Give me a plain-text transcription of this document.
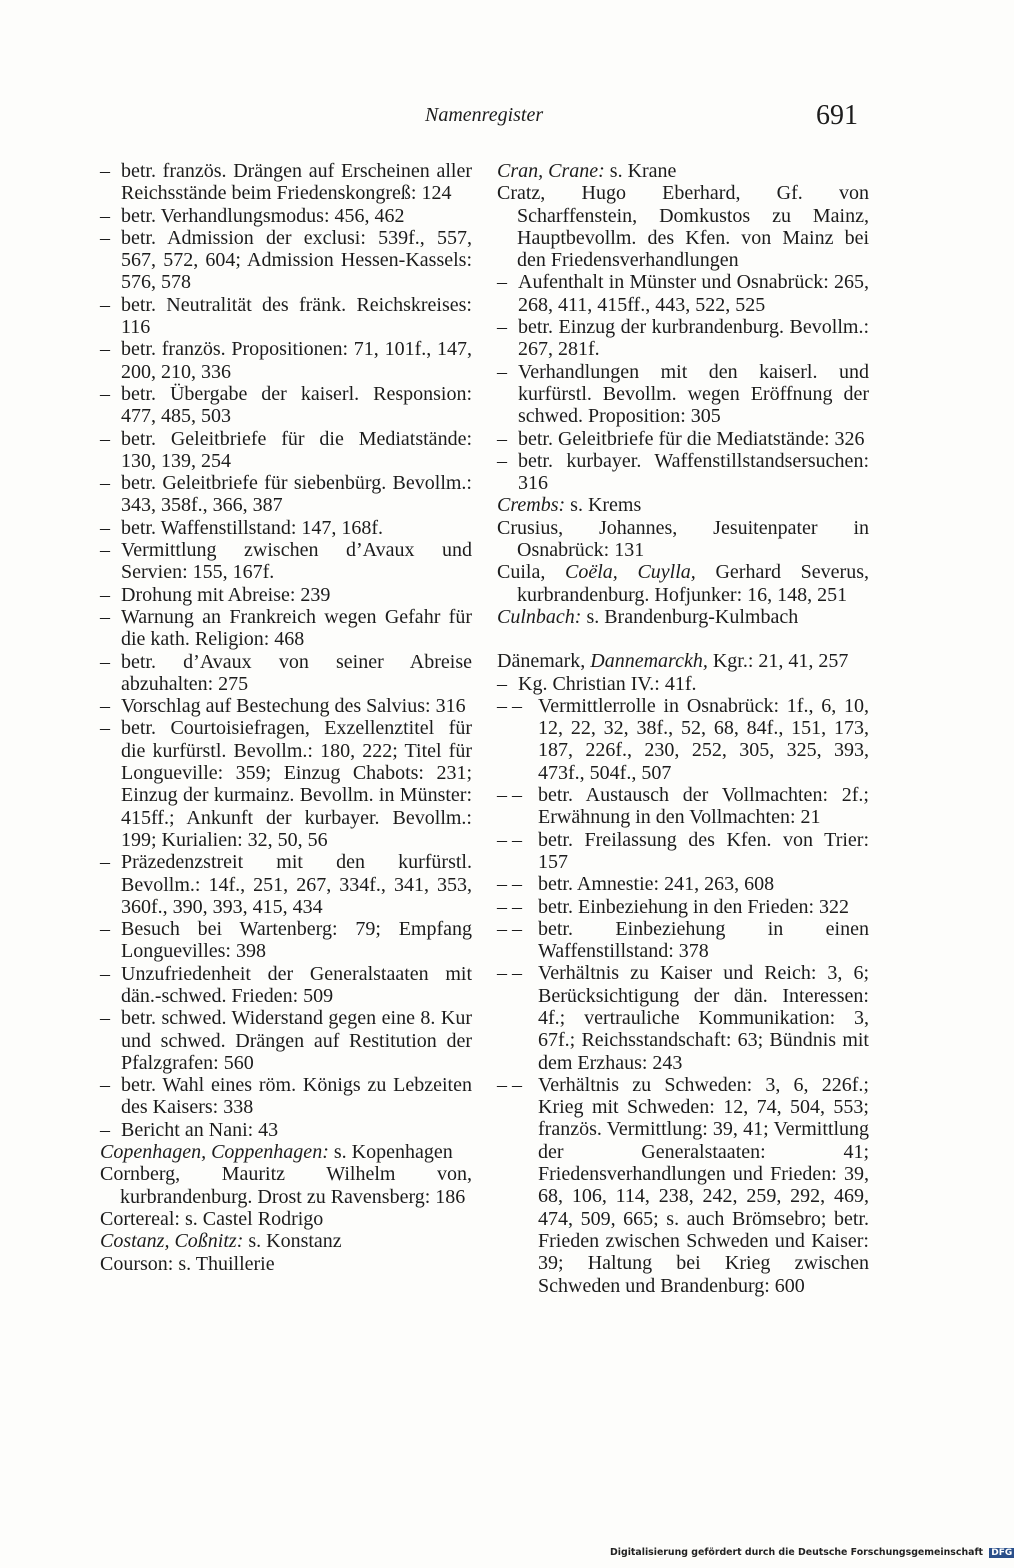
Namenregister	691

– betr. französ. Drängen auf Erscheinen aller Reichsstände beim Friedenskongreß: 124

– betr. Verhandlungsmodus: 456, 462

– betr. Admission der exclusi: 539f., 557, 567, 572, 604; Admission Hessen-Kassels: 576, 578

– betr. Neutralität des fränk. Reichskreises: 116

– betr. französ. Propositionen: 71, 101f., 147, 200, 210, 336

– betr. Übergabe der kaiserl. Responsion: 477, 485, 503

– betr. Geleitbriefe für die Mediatstände: 130, 139, 254

– betr. Geleitbriefe für siebenbürg. Bevollm.: 343, 358f., 366, 387

– betr. Waffenstillstand: 147, 168f.

– Vermittlung zwischen d’Avaux und Servien: 155, 167f.

– Drohung mit Abreise: 239

– Warnung an Frankreich wegen Gefahr für die kath. Religion: 468

– betr. d’Avaux von seiner Abreise abzuhalten: 275

– Vorschlag auf Bestechung des Salvius: 316

– betr. Courtoisiefragen, Exzellenztitel für die kurfürstl. Bevollm.: 180, 222; Titel für Longueville: 359; Einzug Chabots: 231; Einzug der kurmainz. Bevollm. in Münster: 415ff.; Ankunft der kurbayer. Bevollm.: 199; Kurialien: 32, 50, 56

– Präzedenzstreit mit den kurfürstl. Bevollm.: 14f., 251, 267, 334f., 341, 353, 360f., 390, 393, 415, 434

– Besuch bei Wartenberg: 79; Empfang Longuevilles: 398

– Unzufriedenheit der Generalstaaten mit dän.-schwed. Frieden: 509

– betr. schwed. Widerstand gegen eine 8. Kur und schwed. Drängen auf Restitution der Pfalzgrafen: 560

– betr. Wahl eines röm. Königs zu Lebzeiten des Kaisers: 338

– Bericht an Nani: 43

Copenhagen, Coppenhagen: s. Kopenhagen

Cornberg, Mauritz Wilhelm von, kurbrandenburg. Drost zu Ravensberg: 186

Cortereal: s. Castel Rodrigo

Costanz, Coßnitz: s. Konstanz

Courson: s. Thuillerie

Cran, Crane: s. Krane

Cratz, Hugo Eberhard, Gf. von Scharffenstein, Domkustos zu Mainz, Hauptbevollm. des Kfen. von Mainz bei den Friedensverhandlungen

– Aufenthalt in Münster und Osnabrück: 265, 268, 411, 415ff., 443, 522, 525

– betr. Einzug der kurbrandenburg. Bevollm.: 267, 281f.

– Verhandlungen mit den kaiserl. und kurfürstl. Bevollm. wegen Eröffnung der schwed. Proposition: 305

– betr. Geleitbriefe für die Mediatstände: 326

– betr. kurbayer. Waffenstillstandsersuchen: 316

Crembs: s. Krems

Crusius, Johannes, Jesuitenpater in Osnabrück: 131

Cuila, Coëla, Cuylla, Gerhard Severus, kurbrandenburg. Hofjunker: 16, 148, 251

Culnbach: s. Brandenburg-Kulmbach

Dänemark, Dannemarckh, Kgr.: 21, 41, 257

– Kg. Christian IV.: 41f.

– – Vermittlerrolle in Osnabrück: 1f., 6, 10, 12, 22, 32, 38f., 52, 68, 84f., 151, 173, 187, 226f., 230, 252, 305, 325, 393, 473f., 504f., 507

– – betr. Austausch der Vollmachten: 2f.; Erwähnung in den Vollmachten: 21

– – betr. Freilassung des Kfen. von Trier: 157

– – betr. Amnestie: 241, 263, 608

– – betr. Einbeziehung in den Frieden: 322

– – betr. Einbeziehung in einen Waffenstillstand: 378

– – Verhältnis zu Kaiser und Reich: 3, 6; Berücksichtigung der dän. Interessen: 4f.; vertrauliche Kommunikation: 3, 67f.; Reichsstandschaft: 63; Bündnis mit dem Erzhaus: 243

– – Verhältnis zu Schweden: 3, 6, 226f.; Krieg mit Schweden: 12, 74, 504, 553; französ. Vermittlung: 39, 41; Vermittlung der Generalstaaten: 41; Friedensverhandlungen und Frieden: 39, 68, 106, 114, 238, 242, 259, 292, 469, 474, 509, 665; s. auch Brömsebro; betr. Frieden zwischen Schweden und Kaiser: 39; Haltung bei Krieg zwischen Schweden und Brandenburg: 600

Digitalisierung gefördert durch die Deutsche Forschungsgemeinschaft DFG
